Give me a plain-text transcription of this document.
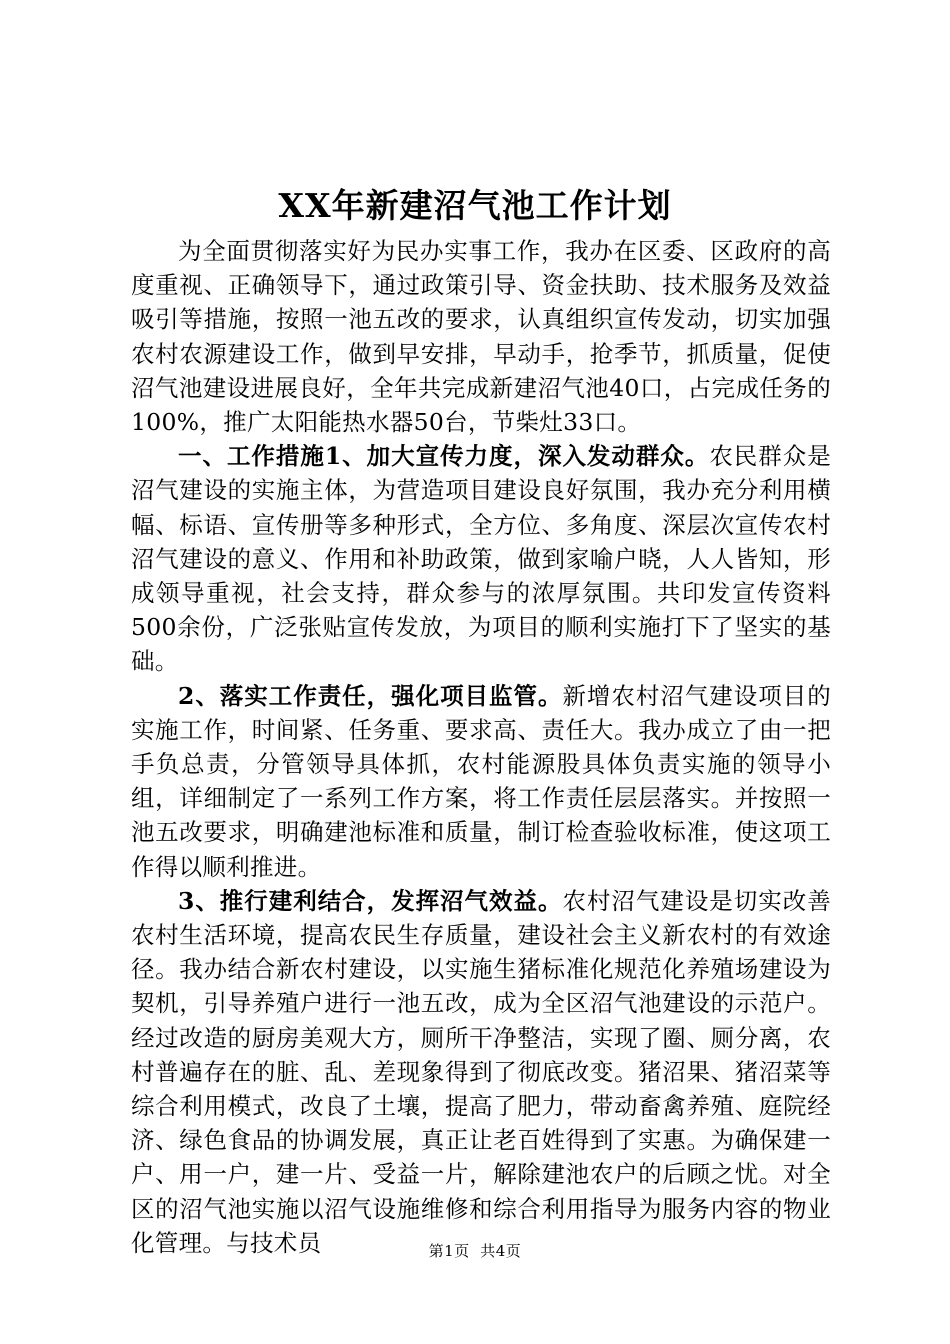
XX年新建沼气池工作计划

为全面贯彻落实好为民办实事工作，我办在区委、区政府的高度重视、正确领导下，通过政策引导、资金扶助、技术服务及效益吸引等措施，按照一池五改的要求，认真组织宣传发动，切实加强农村农源建设工作，做到早安排，早动手，抢季节，抓质量，促使沼气池建设进展良好，全年共完成新建沼气池40口，占完成任务的100%，推广太阳能热水器50台，节柴灶33口。

一、工作措施1、加大宣传力度，深入发动群众。农民群众是沼气建设的实施主体，为营造项目建设良好氛围，我办充分利用横幅、标语、宣传册等多种形式，全方位、多角度、深层次宣传农村沼气建设的意义、作用和补助政策，做到家喻户晓，人人皆知，形成领导重视，社会支持，群众参与的浓厚氛围。共印发宣传资料500余份，广泛张贴宣传发放，为项目的顺利实施打下了坚实的基础。

2、落实工作责任，强化项目监管。新增农村沼气建设项目的实施工作，时间紧、任务重、要求高、责任大。我办成立了由一把手负总责，分管领导具体抓，农村能源股具体负责实施的领导小组，详细制定了一系列工作方案，将工作责任层层落实。并按照一池五改要求，明确建池标准和质量，制订检查验收标准，使这项工作得以顺利推进。

3、推行建利结合，发挥沼气效益。农村沼气建设是切实改善农村生活环境，提高农民生存质量，建设社会主义新农村的有效途径。我办结合新农村建设，以实施生猪标准化规范化养殖场建设为契机，引导养殖户进行一池五改，成为全区沼气池建设的示范户。经过改造的厨房美观大方，厕所干净整洁，实现了圈、厕分离，农村普遍存在的脏、乱、差现象得到了彻底改变。猪沼果、猪沼菜等综合利用模式，改良了土壤，提高了肥力，带动畜禽养殖、庭院经济、绿色食品的协调发展，真正让老百姓得到了实惠。为确保建一户、用一户，建一片、受益一片，解除建池农户的后顾之忧。对全区的沼气池实施以沼气设施维修和综合利用指导为服务内容的物业化管理。与技术员	第1页 共4页
